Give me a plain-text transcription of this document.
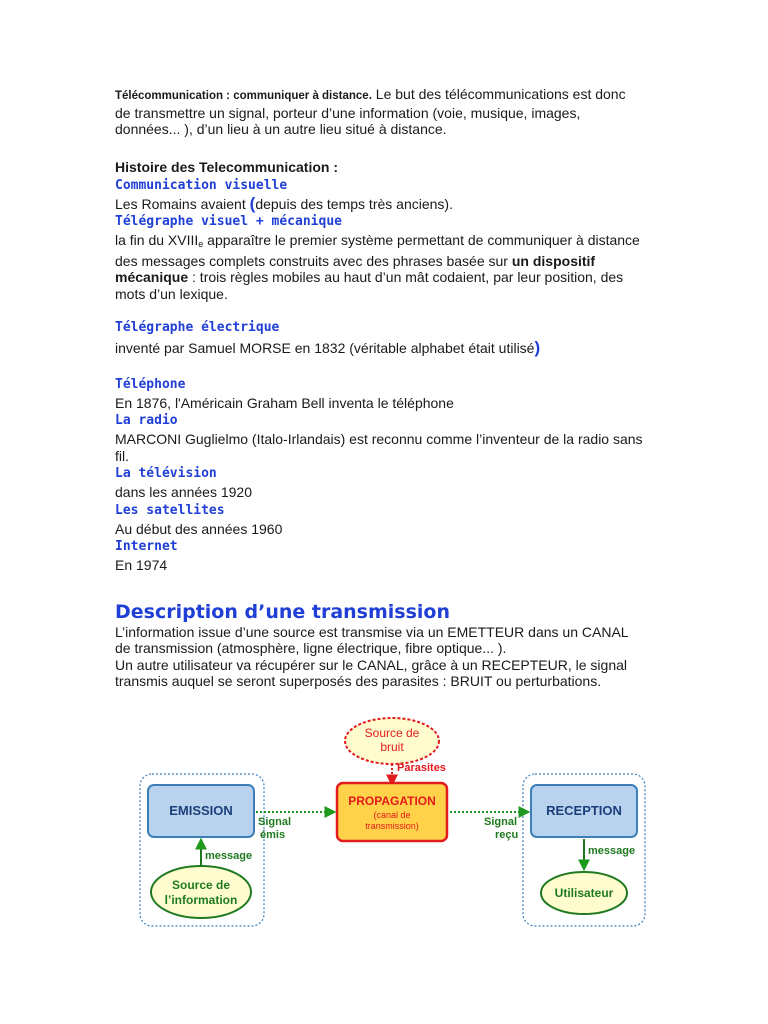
Télécommunication : communiquer à distance. Le but des télécommunications est donc de transmettre un signal, porteur d’une information (voie, musique, images, données... ), d’un lieu à un autre lieu situé à distance.

Histoire des Telecommunication :

Communication visuelle

Les Romains avaient (depuis des temps très anciens).

Télégraphe visuel + mécanique

la fin du XVIIIe apparaître le premier système permettant de communiquer à distance des messages complets construits avec des phrases basée sur un dispositif mécanique : trois règles mobiles au haut d’un mât codaient, par leur position, des mots d’un lexique.

Télégraphe électrique

inventé par Samuel MORSE en 1832 (véritable alphabet était utilisé)

Téléphone

En 1876, l'Américain Graham Bell inventa le téléphone

La radio

MARCONI Guglielmo (Italo-Irlandais) est reconnu comme l’inventeur de la radio sans fil.

La télévision

dans les années 1920

Les satellites

Au début des années 1960

Internet

En 1974

Description d’une transmission

L’information issue d’une source est transmise via un EMETTEUR dans un CANAL de transmission (atmosphère, ligne électrique, fibre optique... ).

Un autre utilisateur va récupérer sur le CANAL, grâce à un RECEPTEUR, le signal transmis auquel se seront superposés des parasites : BRUIT ou perturbations.

Source de
bruit
Parasites
EMISSION
PROPAGATION
(canal de
transmission)
RECEPTION
Signal
émis
Signal
reçu
Source de
l’information
message
Utilisateur
message
